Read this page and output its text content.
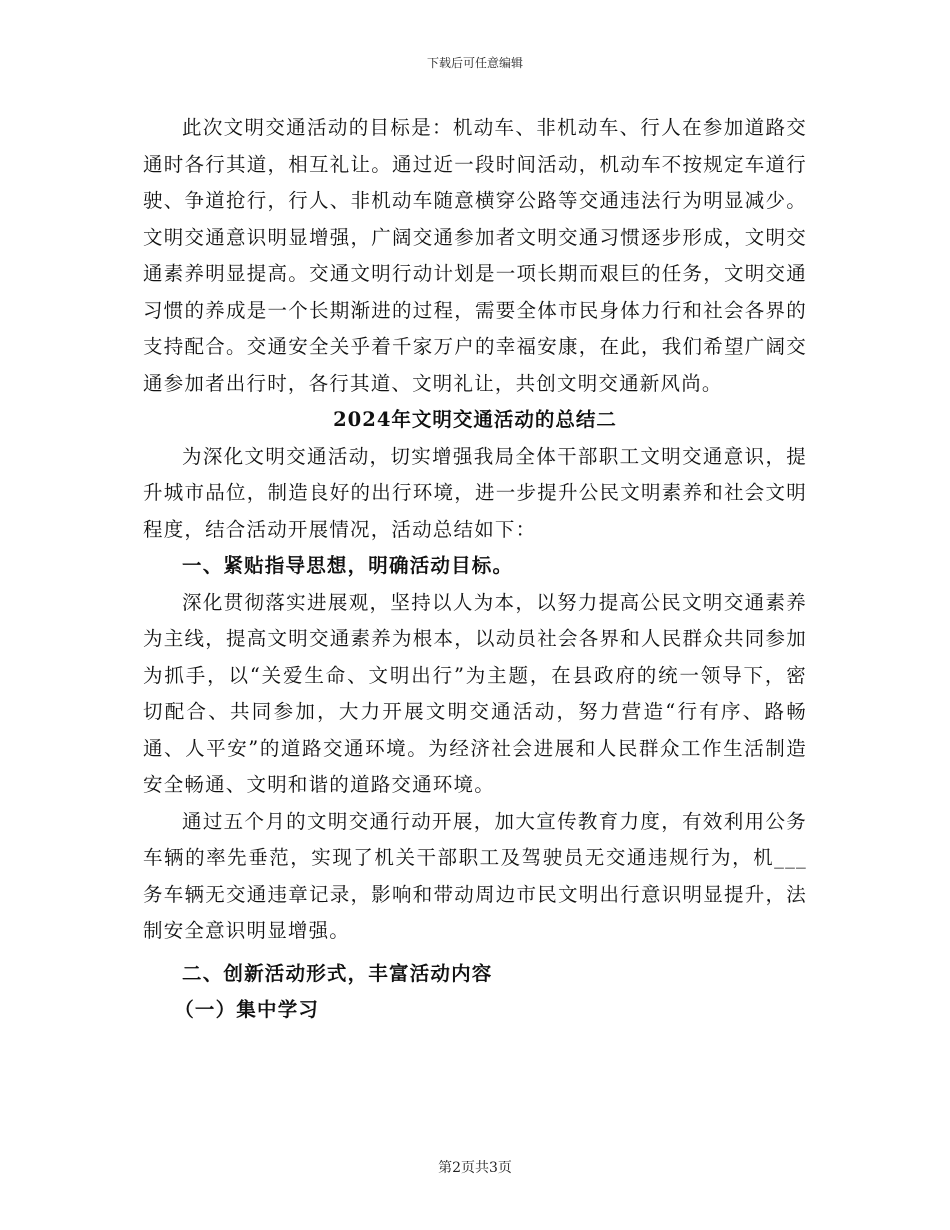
下载后可任意编辑

此次文明交通活动的目标是：机动车、非机动车、行人在参加道路交通时各行其道，相互礼让。通过近一段时间活动，机动车不按规定车道行驶、争道抢行，行人、非机动车随意横穿公路等交通违法行为明显减少。文明交通意识明显增强，广阔交通参加者文明交通习惯逐步形成，文明交通素养明显提高。交通文明行动计划是一项长期而艰巨的任务，文明交通习惯的养成是一个长期渐进的过程，需要全体市民身体力行和社会各界的支持配合。交通安全关乎着千家万户的幸福安康，在此，我们希望广阔交通参加者出行时，各行其道、文明礼让，共创文明交通新风尚。

2024年文明交通活动的总结二

为深化文明交通活动，切实增强我局全体干部职工文明交通意识，提升城市品位，制造良好的出行环境，进一步提升公民文明素养和社会文明程度，结合活动开展情况，活动总结如下：

一、紧贴指导思想，明确活动目标。

深化贯彻落实进展观，坚持以人为本，以努力提高公民文明交通素养为主线，提高文明交通素养为根本，以动员社会各界和人民群众共同参加为抓手，以“关爱生命、文明出行”为主题，在县政府的统一领导下，密切配合、共同参加，大力开展文明交通活动，努力营造“行有序、路畅通、人平安”的道路交通环境。为经济社会进展和人民群众工作生活制造安全畅通、文明和谐的道路交通环境。

通过五个月的文明交通行动开展，加大宣传教育力度，有效利用公务车辆的率先垂范，实现了机关干部职工及驾驶员无交通违规行为，机___务车辆无交通违章记录，影响和带动周边市民文明出行意识明显提升，法制安全意识明显增强。

二、创新活动形式，丰富活动内容

（一）集中学习

第2页共3页
